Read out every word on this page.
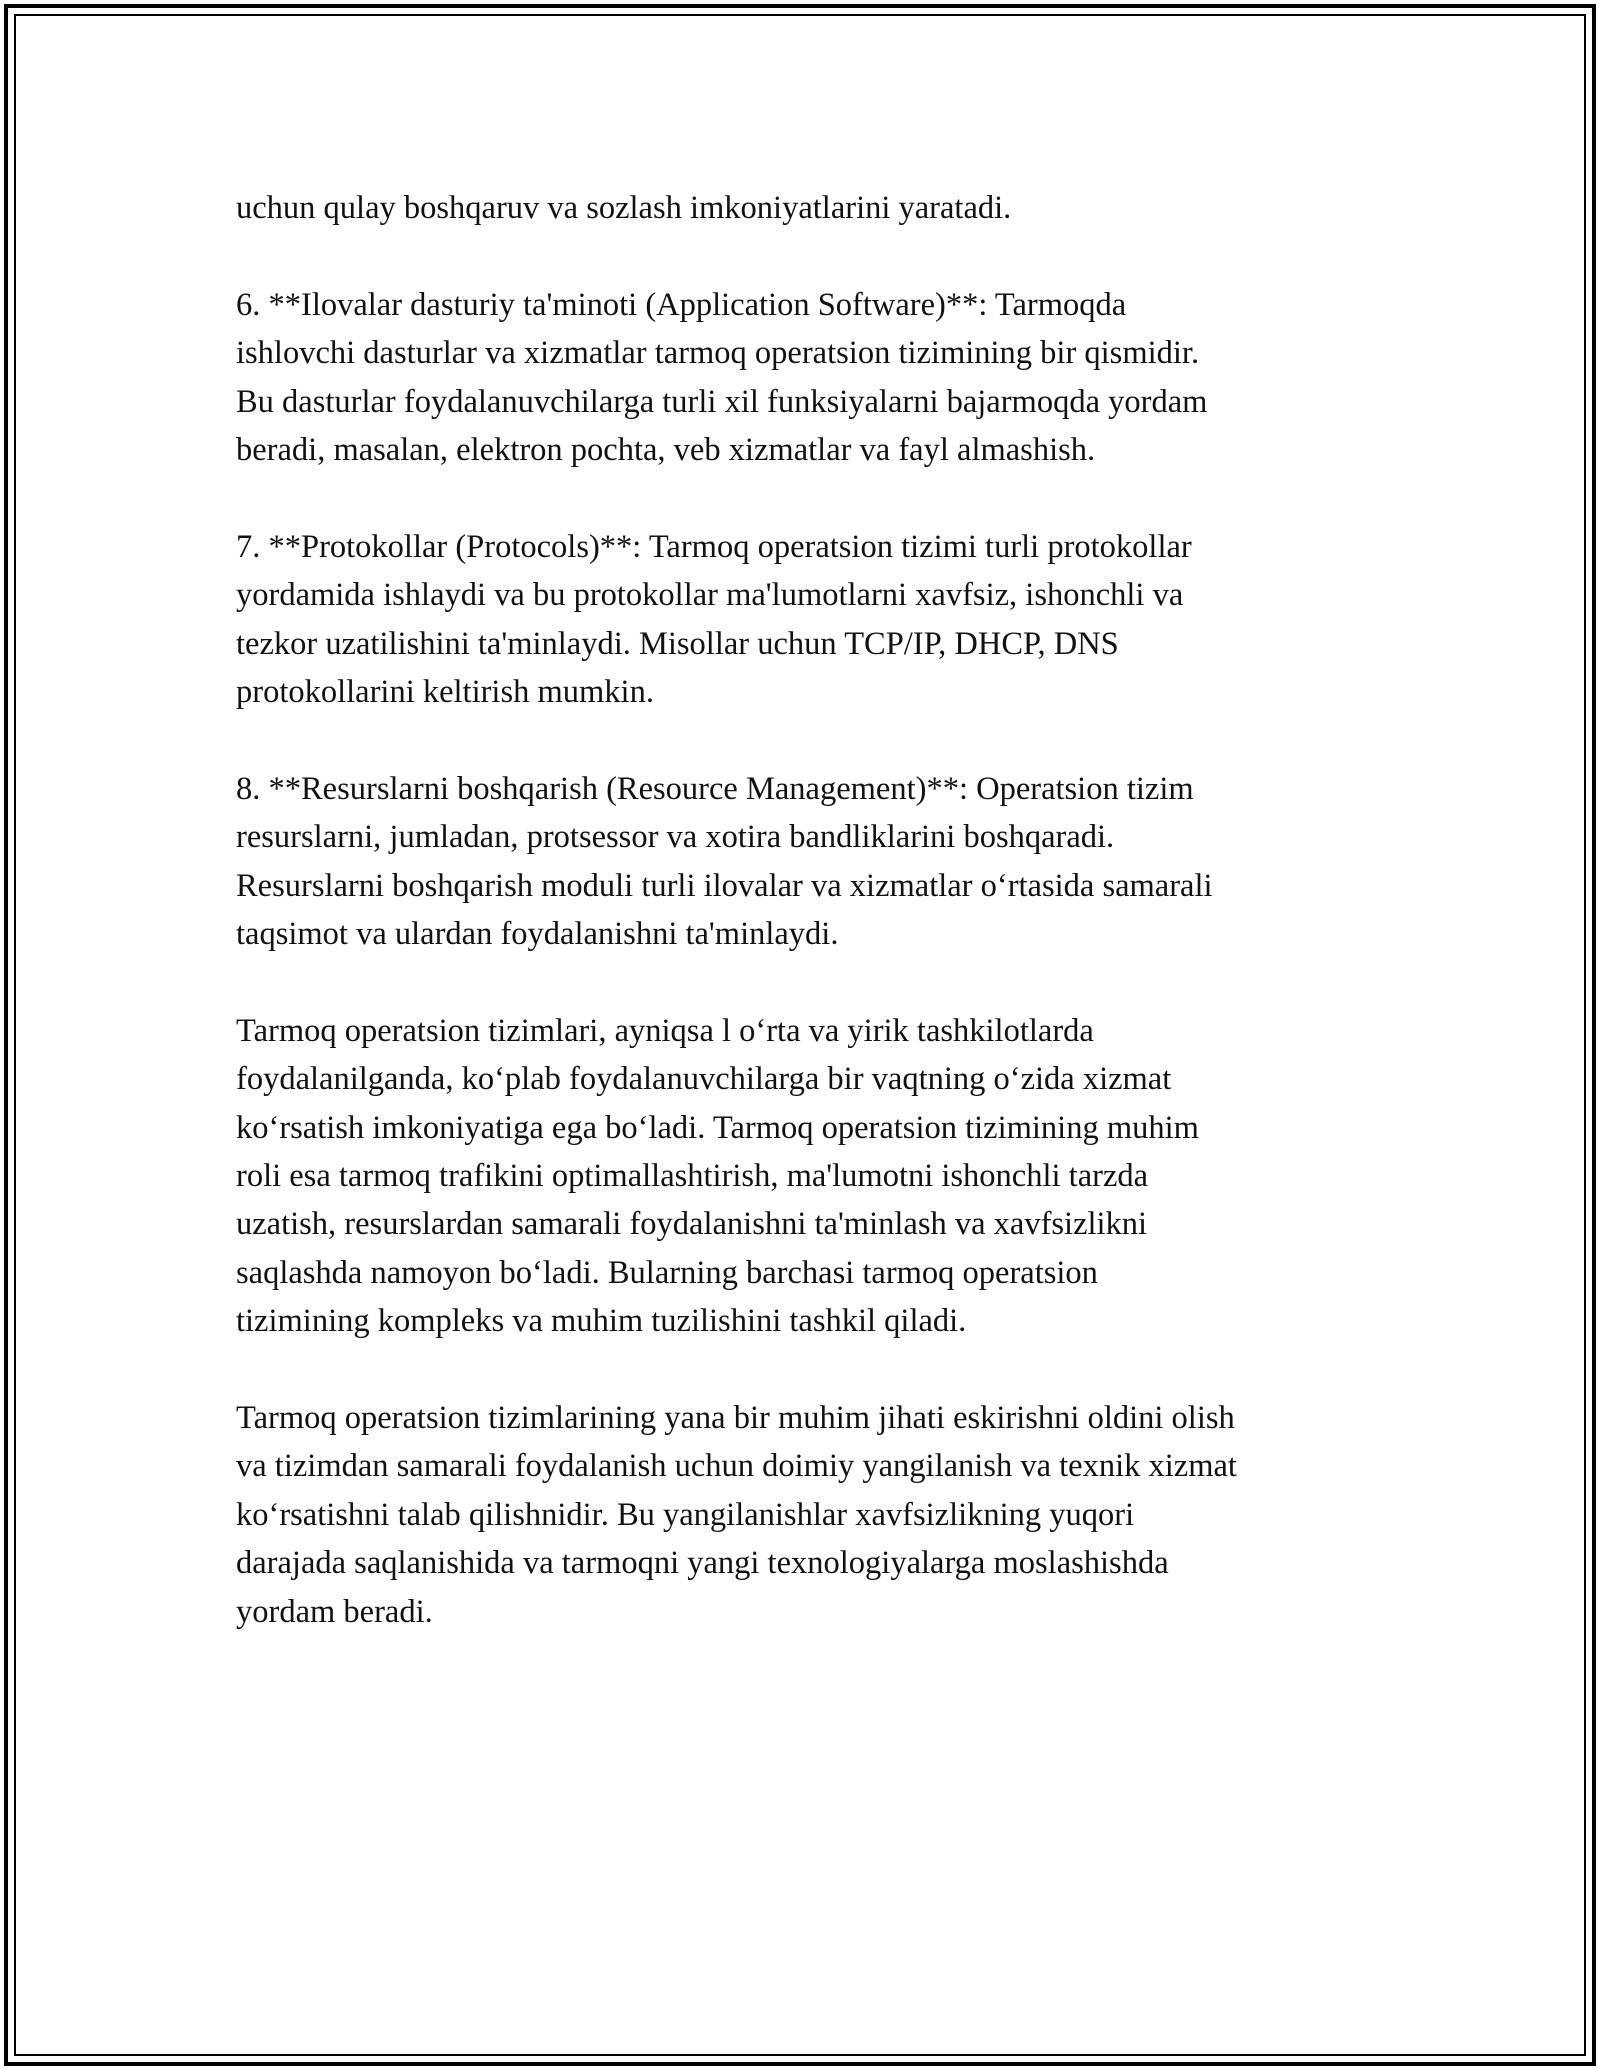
uchun qulay boshqaruv va sozlash imkoniyatlarini yaratadi.

6. **Ilovalar dasturiy ta'minoti (Application Software)**: Tarmoqda
ishlovchi dasturlar va xizmatlar tarmoq operatsion tizimining bir qismidir.
Bu dasturlar foydalanuvchilarga turli xil funksiyalarni bajarmoqda yordam
beradi, masalan, elektron pochta, veb xizmatlar va fayl almashish.

7. **Protokollar (Protocols)**: Tarmoq operatsion tizimi turli protokollar
yordamida ishlaydi va bu protokollar ma'lumotlarni xavfsiz, ishonchli va
tezkor uzatilishini ta'minlaydi. Misollar uchun TCP/IP, DHCP, DNS
protokollarini keltirish mumkin.

8. **Resurslarni boshqarish (Resource Management)**: Operatsion tizim
resurslarni, jumladan, protsessor va xotira bandliklarini boshqaradi.
Resurslarni boshqarish moduli turli ilovalar va xizmatlar o‘rtasida samarali
taqsimot va ulardan foydalanishni ta'minlaydi.

Tarmoq operatsion tizimlari, ayniqsa l o‘rta va yirik tashkilotlarda
foydalanilganda, ko‘plab foydalanuvchilarga bir vaqtning o‘zida xizmat
ko‘rsatish imkoniyatiga ega bo‘ladi. Tarmoq operatsion tizimining muhim
roli esa tarmoq trafikini optimallashtirish, ma'lumotni ishonchli tarzda
uzatish, resurslardan samarali foydalanishni ta'minlash va xavfsizlikni
saqlashda namoyon bo‘ladi. Bularning barchasi tarmoq operatsion
tizimining kompleks va muhim tuzilishini tashkil qiladi.

Tarmoq operatsion tizimlarining yana bir muhim jihati eskirishni oldini olish
va tizimdan samarali foydalanish uchun doimiy yangilanish va texnik xizmat
ko‘rsatishni talab qilishnidir. Bu yangilanishlar xavfsizlikning yuqori
darajada saqlanishida va tarmoqni yangi texnologiyalarga moslashishda
yordam beradi.
